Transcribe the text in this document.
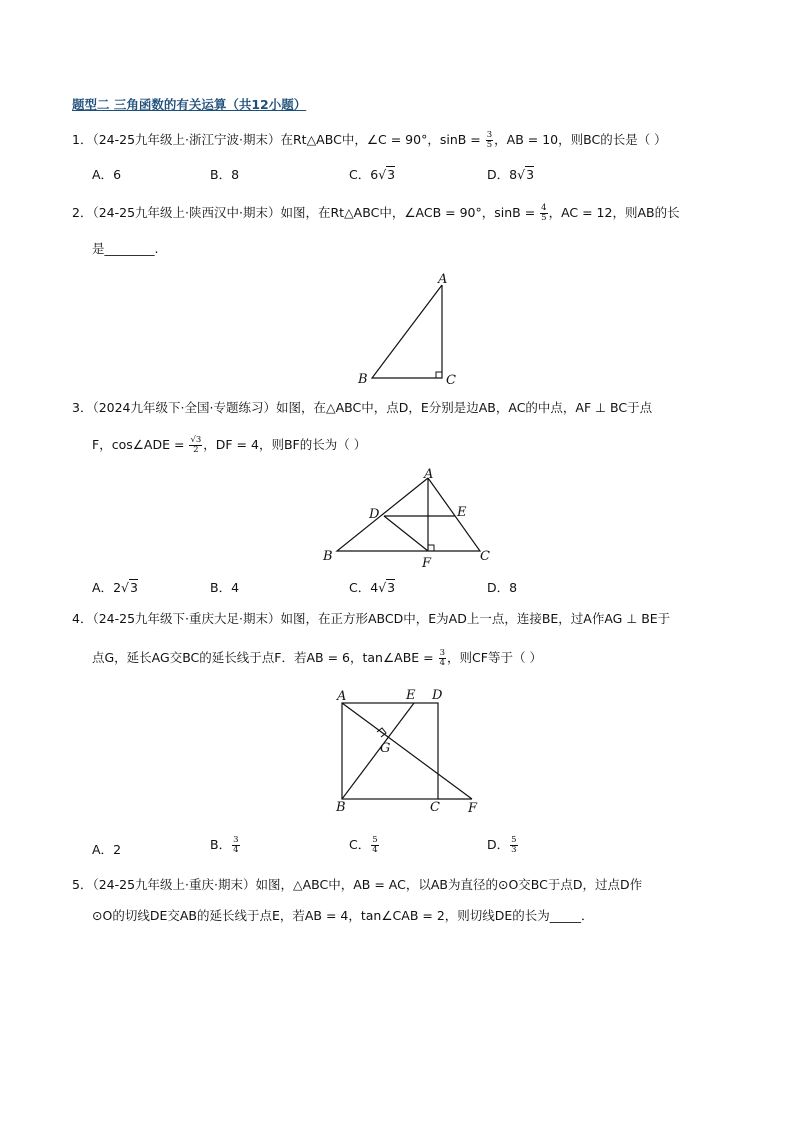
题型二 三角函数的有关运算（共12小题）
1．（24-25九年级上·浙江宁波·期末）在Rt△ABC中，∠C = 90°，$\sin B = \frac{3}{5}$ ，AB = 10，则BC的长是（ ）
A．6	B．8	C．6√3	D．8√3
2．（24-25九年级上·陕西汉中·期末）如图，在Rt△ABC中，∠ACB = 90°，$\sin B = \frac{4}{5}$ ，AC = 12，则AB的长
是________.
A
B	C
3．（2024九年级下·全国·专题练习）如图，在△ABC中，点D，E分别是边AB，AC的中点，AF ⊥ BC于点
F，cos∠ADE = $\frac{√3}{2}$ ，DF = 4，则BF的长为（ ）
A
B	C
D	E
F
A．2√3	B．4	C．4√3	D．8
4．（24-25九年级下·重庆大足·期末）如图，在正方形ABCD中，E为AD上一点，连接BE，过A作AG ⊥ BE于
点G，延长AG交BC的延长线于点F．若AB = 6，tan∠ABE = $\frac{3}{4}$ ，则CF等于（ ）
A
B	C
D
E
F
G
A．2	B． $\frac{3}{4}$	C． $\frac{5}{4}$	D． $\frac{5}{3}$
5．（24-25九年级上·重庆·期末）如图，△ABC中，AB = AC，以AB为直径的⊙O交BC于点D，过点D作
⊙O的切线DE交AB的延长线于点E，若AB = 4，tan∠CAB = 2，则切线DE的长为_____．
